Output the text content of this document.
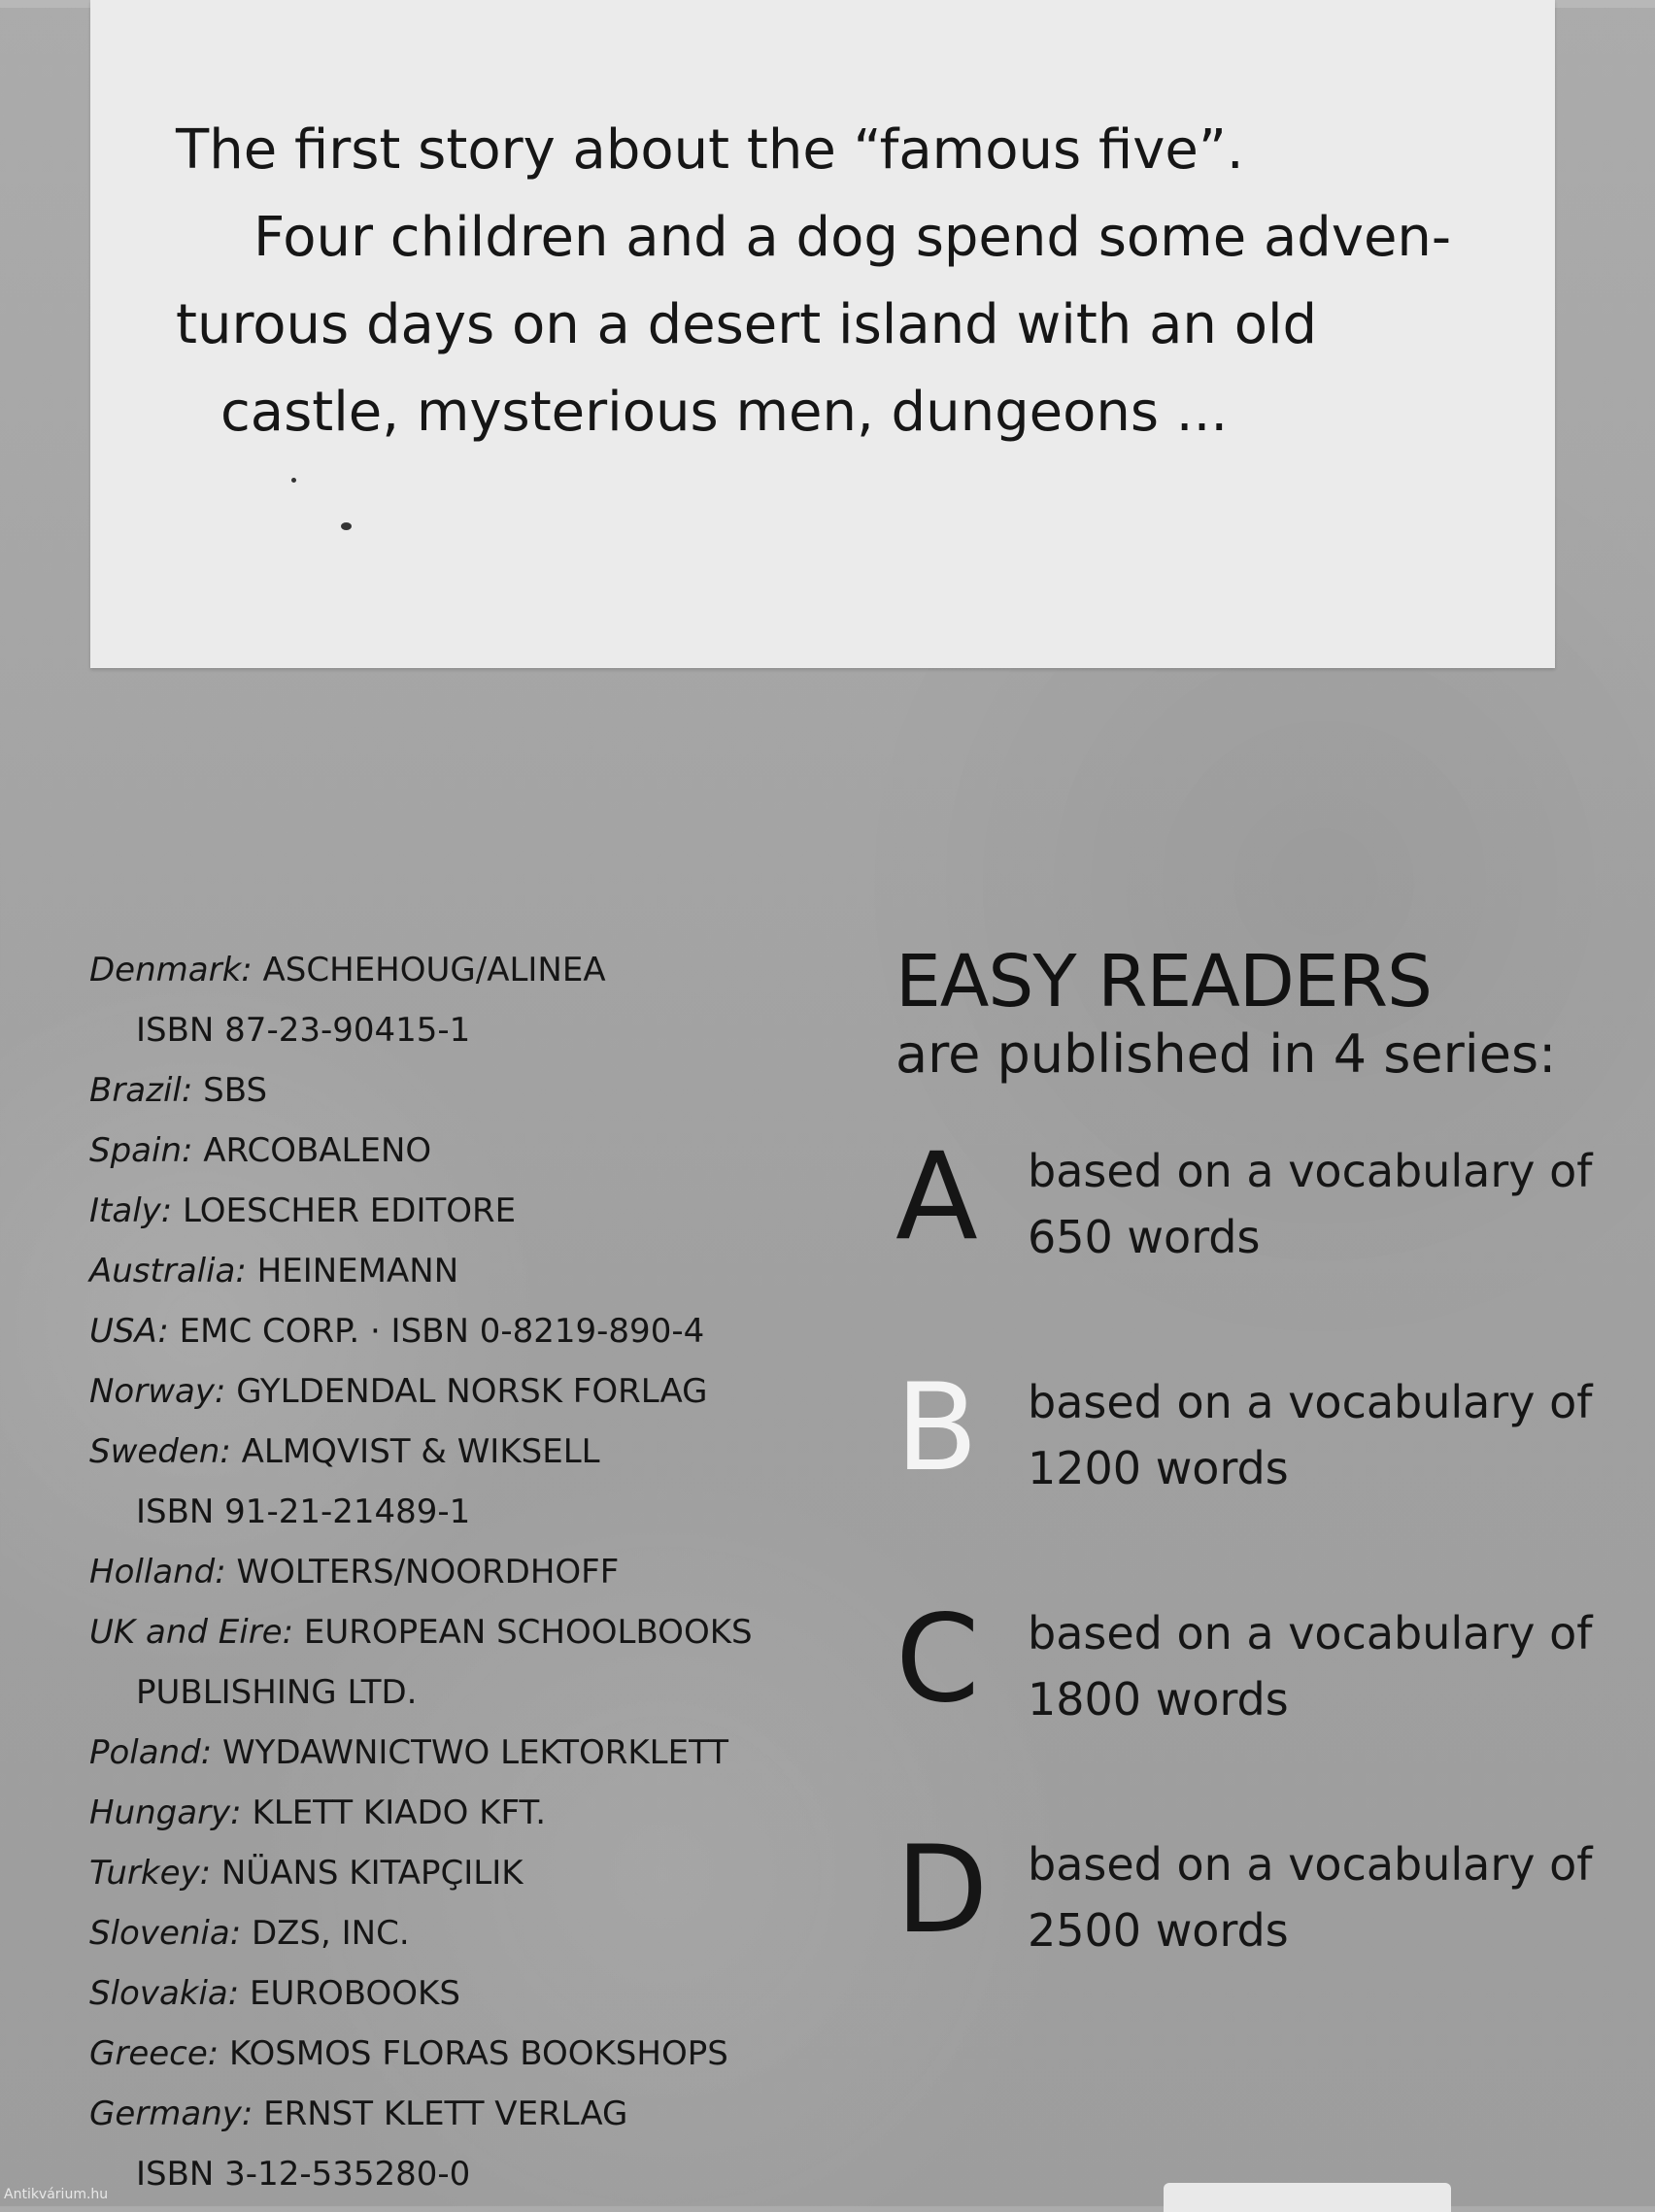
The first story about the “famous five”.

Four children and a dog spend some adven-

turous days on a desert island with an old

castle, mysterious men, dungeons ...

Denmark: ASCHEHOUG/ALINEA
ISBN 87-23-90415-1
Brazil: SBS
Spain: ARCOBALENO
Italy: LOESCHER EDITORE
Australia: HEINEMANN
USA: EMC CORP. · ISBN 0-8219-890-4
Norway: GYLDENDAL NORSK FORLAG
Sweden: ALMQVIST & WIKSELL
ISBN 91-21-21489-1
Holland: WOLTERS/NOORDHOFF
UK and Eire: EUROPEAN SCHOOLBOOKS
PUBLISHING LTD.
Poland: WYDAWNICTWO LEKTORKLETT
Hungary: KLETT KIADO KFT.
Turkey: NÜANS KITAPÇILIK
Slovenia: DZS, INC.
Slovakia: EUROBOOKS
Greece: KOSMOS FLORAS BOOKSHOPS
Germany: ERNST KLETT VERLAG
ISBN 3-12-535280-0
EASY READERS

are published in 4 series:

A based on a vocabulary of
650 words
B based on a vocabulary of
1200 words
C based on a vocabulary of
1800 words
D based on a vocabulary of
2500 words
Antikvárium.hu
